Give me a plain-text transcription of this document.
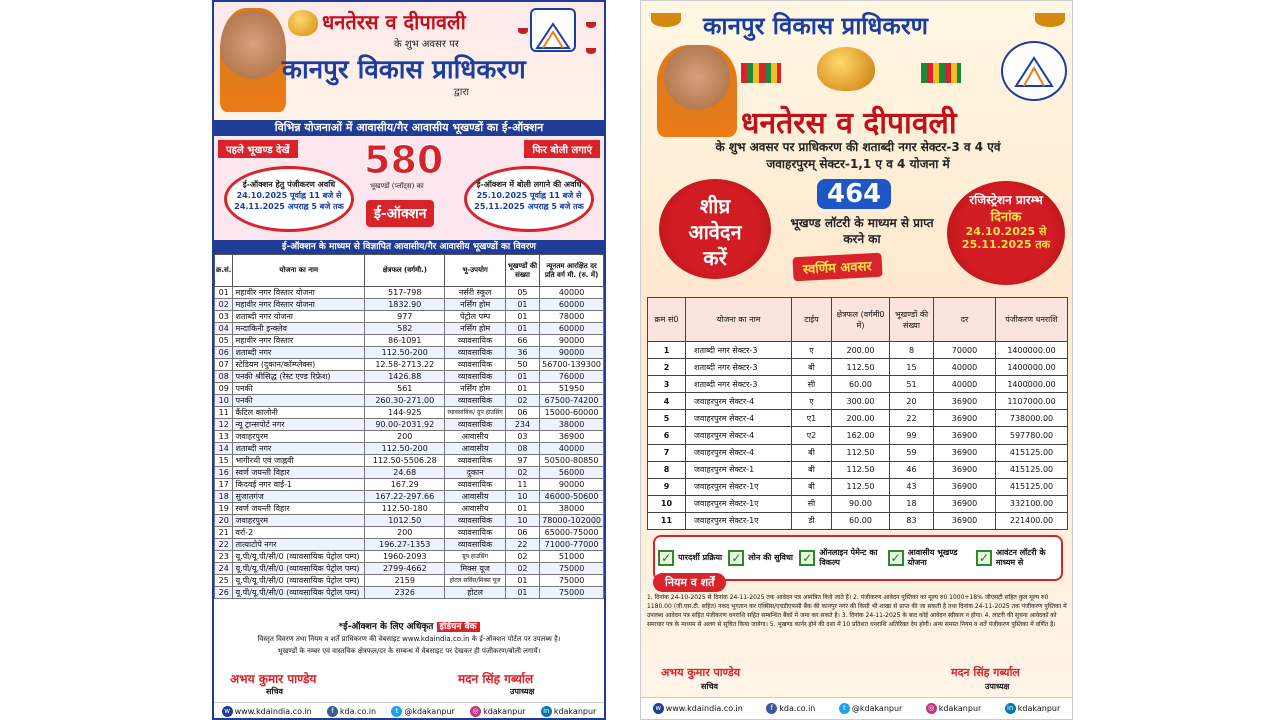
धनतेरस व दीपावली
के शुभ अवसर पर
कानपुर विकास प्राधिकरण
द्वारा
विभिन्न योजनाओं में आवासीय/गैर आवासीय भूखण्डों का ई-ऑक्शन
पहले भूखण्ड देखें	फिर बोली लगाएं
580
भूखण्डों (प्लॉट्स) का
ई-ऑक्शन
ई-ऑक्शन हेतु पंजीकरण अवधि
24.10.2025 पूर्वाह्न 11 बजे से 24.11.2025 अपराह्न 5 बजे तक
ई-ऑक्शन में बोली लगाने की अवधि
25.10.2025 पूर्वाह्न 11 बजे से 25.11.2025 अपराह्न 5 बजे तक
ई-ऑक्शन के माध्यम से विज्ञापित आवासीय/गैर आवासीय भूखण्डों का विवरण
क्र.सं.	योजना का नाम	क्षेत्रफल (वर्गमी.)	भू-उपयोग	भूखण्डों की संख्या	न्यूनतम आरक्षित दर प्रति वर्ग मी. (रु. में)
01	महावीर नगर विस्तार योजना	517-798	नर्सरी स्कूल	05	40000
02	महावीर नगर विस्तार योजना	1832.90	नर्सिंग होम	01	60000
03	शताब्दी नगर योजना	977	पेट्रोल पम्प	01	78000
04	मन्दाकिनी इन्क्लेव	582	नर्सिंग होम	01	60000
05	महावीर नगर विस्तार	86-1091	व्यावसायिक	66	90000
06	शताब्दी नगर	112.50-200	व्यावसायिक	36	90000
07	स्टेडियम (दुकान/कॉम्प्लेक्स)	12.58-2713.22	व्यावसायिक	50	56700-139300
08	पनकी श्रीसिद्ध (रेस्ट एण्ड रिफ्रेश)	1426.88	व्यावसायिक	01	76000
09	पनकी	561	नर्सिंग होम	01	51950
10	पनकी	260.30-271.00	व्यावसायिक	02	67500-74200
11	कैंटिल कालोनी	144-925	व्यावसायिक/ ग्रुप हाउसिंग	06	15000-60000
12	न्यू ट्रान्सपोर्ट नगर	90.00-2031.92	व्यावसायिक	234	38000
13	जवाहरपुरम	200	आवासीय	03	36900
14	शताब्दी नगर	112.50-200	आवासीय	08	40000
15	भागीरथी एवं जाह्नवी	112.50-5506.28	व्यावसायिक	97	50500-80850
16	स्वर्ण जयन्ती विहार	24.68	दुकान	02	56000
17	किदवई नगर वाई-1	167.29	व्यावसायिक	11	90000
18	सुजातगंज	167.22-297.66	आवासीय	10	46000-50600
19	स्वर्ण जयन्ती विहार	112.50-180	आवासीय	01	38000
20	जवाहरपुरम	1012.50	व्यावसायिक	10	78000-102000
21	वर्रा-2	200	व्यावसायिक	06	65000-75000
22	तात्याटोपे नगर	196.27-1353	व्यावसायिक	22	71000-77000
23	यू.पी/यू.पी/सी/0 (व्यावसायिक पेट्रोल पम्प)	1960-2093	ग्रुप हाउसिंग	02	51000
24	यू.पी/यू.पी/सी/0 (व्यावसायिक पेट्रोल पम्प)	2799-4662	मिक्स यूज	02	75000
25	यू.पी/यू.पी/सी/0 (व्यावसायिक पेट्रोल पम्प)	2159	होटल सर्विस/मिक्स यूज	01	75000
26	यू.पी/यू.पी/सी/0 (व्यावसायिक पेट्रोल पम्प)	2326	होटल	01	75000
*ई-ऑक्शन के लिए अधिकृत इंडियन बैंक
विस्तृत विवरण तथा नियम व शर्तें प्राधिकरण की वेबसाइट www.kdaindia.co.in के ई-ऑक्शन पोर्टल पर उपलब्ध है।
भूखण्डों के नम्बर एवं वास्तविक क्षेत्रफल/दर के सम्बन्ध में वेबसाइट पर देखकर ही पंजीकरण/बोली लगायें।
अभय कुमार पाण्डेय
सचिव
मदन सिंह गर्ब्याल
उपाध्यक्ष
w www.kdaindia.co.in	f kda.co.in	t @kdakanpur	◎ kdakanpur	in kdakanpur
कानपुर विकास प्राधिकरण
धनतेरस व दीपावली
के शुभ अवसर पर प्राधिकरण की शताब्दी नगर सेक्टर-3 व 4 एवं
जवाहरपुरम् सेक्टर-1,1 ए व 4 योजना में
शीघ्र आवेदन करें
464
भूखण्ड लॉटरी के माध्यम से प्राप्त करने का
स्वर्णिम अवसर
रजिस्ट्रेशन प्रारम्भ
दिनांक
24.10.2025 से 25.11.2025 तक
क्रम सं0	योजना का नाम	टाईप	क्षेत्रफल (वर्गमी0 में)	भूखण्डों की संख्या	दर	पंजीकरण धनराशि
1	शताब्दी नगर सेक्टर-3	ए	200.00	8	70000	1400000.00
2	शताब्दी नगर सेक्टर-3	बी	112.50	15	40000	1400000.00
3	शताब्दी नगर सेक्टर-3	सी	60.00	51	40000	1400000.00
4	जवाहरपुरम सेक्टर-4	ए	300.00	20	36900	1107000.00
5	जवाहरपुरम सेक्टर-4	ए1	200.00	22	36900	738000.00
6	जवाहरपुरम सेक्टर-4	ए2	162.00	99	36900	597780.00
7	जवाहरपुरम सेक्टर-4	बी	112.50	59	36900	415125.00
8	जवाहरपुरम सेक्टर-1	बी	112.50	46	36900	415125.00
9	जवाहरपुरम सेक्टर-1ए	बी	112.50	43	36900	415125.00
10	जवाहरपुरम सेक्टर-1ए	सी	90.00	18	36900	332100.00
11	जवाहरपुरम सेक्टर-1ए	डी	60.00	83	36900	221400.00
✓ पारदर्शी प्रक्रिया ✓ लोन की सुविधा ✓ ऑनलाइन पेमेन्ट का विकल्प	✓ आवासीय भूखण्ड योजना	✓ आवंटन लॉटरी के माध्यम से
नियम व शर्तें
1. दिनांक 24-10-2025 से दिनांक 24-11-2025 तक आवेदन पत्र आमंत्रित किये जाते हैं। 2. पंजीकरण आवेदन पुस्तिका का मूल्य रु0 1000+18% जीएसटी सहित कुल मूल्य रु0 1180.00 (जी.एस.टी. सहित) नकद भुगतान कर एक्सिस/एचडीएफसी बैंक की कानपुर नगर की किसी भी शाखा से प्राप्त की जा सकती है तथा दिनांक 24-11-2025 तक पंजीकरण पुस्तिका में उपलब्ध आवेदन पत्र सहित पंजीकरण धनराशि सहित सम्बन्धित बैंकों में जमा कर सकते है। 3. दिनांक 24-11-2025 के बाद कोई आवेदन स्वीकार न होगा। 4. लाटरी की सूचना आवेदकों को समाचार पत्र के माध्यम से अलग से सूचित किया जायेगा। 5. भूखण्ड कार्नर होने की दशा में 10 प्रतिशत धनराशि अतिरिक्त देय होगी। अन्य समस्त नियम व शर्तें पंजीकरण पुस्तिका में वर्णित है।
अभय कुमार पाण्डेय
सचिव
मदन सिंह गर्ब्याल
उपाध्यक्ष
w www.kdaindia.co.in	f kda.co.in	t @kdakanpur	◎ kdakanpur	in kdakanpur
